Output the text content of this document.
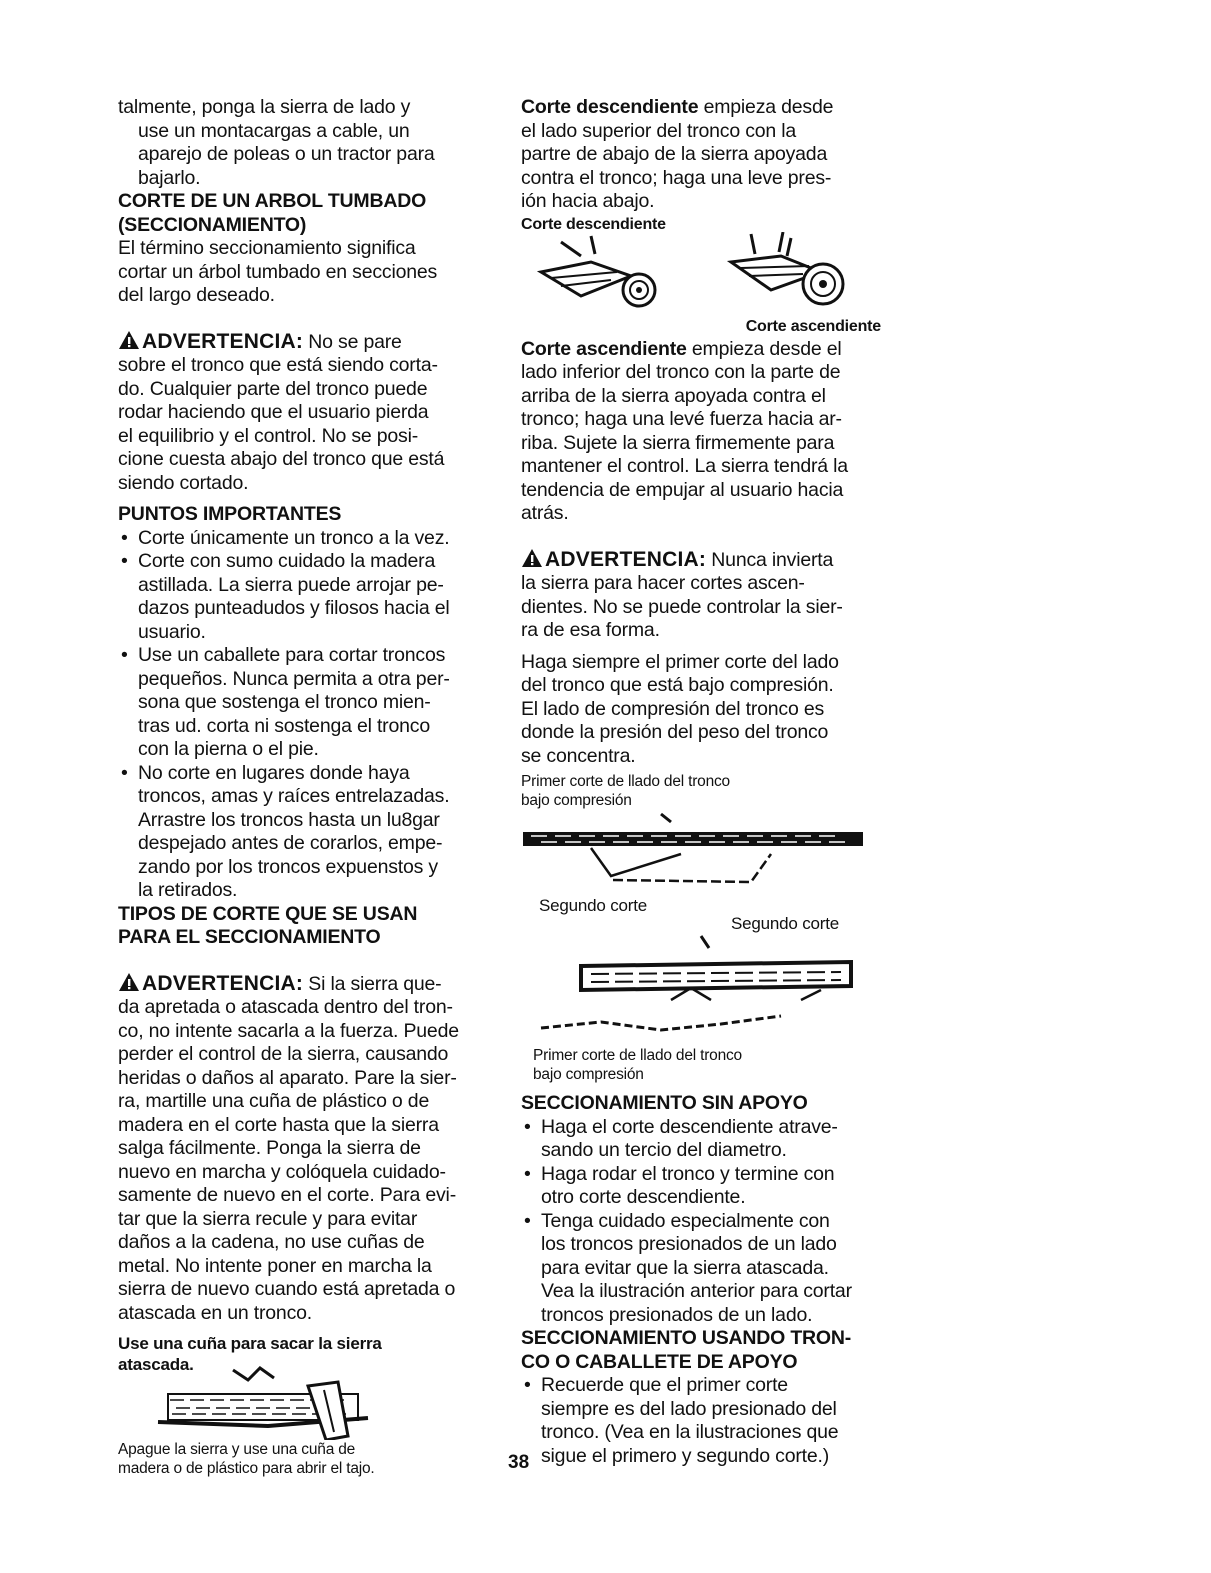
talmente, ponga la sierra de lado y

use un montacargas a cable, un

aparejo de poleas o un tractor para

bajarlo.

CORTE DE UN ARBOL TUMBADO

(SECCIONAMIENTO)

El término seccionamiento significa

cortar un árbol tumbado en secciones

del largo deseado.

ADVERTENCIA: No se pare

sobre el tronco que está siendo corta-

do. Cualquier parte del tronco puede

rodar haciendo que el usuario pierda

el equilibrio y el control. No se posi-

cione cuesta abajo del tronco que está

siendo cortado.

PUNTOS IMPORTANTES

• Corte únicamente un tronco a la vez.
• Corte con sumo cuidado la madera
astillada. La sierra puede arrojar pe-
dazos punteadudos y filosos hacia el
usuario.
• Use un caballete para cortar troncos
pequeños. Nunca permita a otra per-
sona que sostenga el tronco mien-
tras ud. corta ni sostenga el tronco
con la pierna o el pie.
• No corte en lugares donde haya
troncos, amas y raíces entrelazadas.
Arrastre los troncos hasta un lu8gar
despejado antes de corarlos, empe-
zando por los troncos expuenstos y
la retirados.

TIPOS DE CORTE QUE SE USAN

PARA EL SECCIONAMIENTO

ADVERTENCIA: Si la sierra que-

da apretada o atascada dentro del tron-

co, no intente sacarla a la fuerza. Puede

perder el control de la sierra, causando

heridas o daños al aparato. Pare la sier-

ra, martille una cuña de plástico o de

madera en el corte hasta que la sierra

salga fácilmente. Ponga la sierra de

nuevo en marcha y colóquela cuidado-

samente de nuevo en el corte. Para evi-

tar que la sierra recule y para evitar

daños a la cadena, no use cuñas de

metal. No intente poner en marcha la

sierra de nuevo cuando está apretada o

atascada en un tronco.

Use una cuña para sacar la sierra

atascada.

Apague la sierra y use una cuña de

madera o de plástico para abrir el tajo.

Corte descendiente empieza desde

el lado superior del tronco con la

partre de abajo de la sierra apoyada

contra el tronco; haga una leve pres-

ión hacia abajo.

Corte descendiente

Corte ascendiente

Corte ascendiente empieza desde el

lado inferior del tronco con la parte de

arriba de la sierra apoyada contra el

tronco; haga una levé fuerza hacia ar-

riba. Sujete la sierra firmemente para

mantener el control. La sierra tendrá la

tendencia de empujar al usuario hacia

atrás.

ADVERTENCIA: Nunca invierta

la sierra para hacer cortes ascen-

dientes. No se puede controlar la sier-

ra de esa forma.

Haga siempre el primer corte del lado

del tronco que está bajo compresión.

El lado de compresión del tronco es

donde la presión del peso del tronco

se concentra.

Primer corte de llado del tronco

bajo compresión

Segundo corte

Segundo corte

Primer corte de llado del tronco

bajo compresión

SECCIONAMIENTO SIN APOYO

• Haga el corte descendiente atrave-
sando un tercio del diametro.
• Haga rodar el tronco y termine con
otro corte descendiente.
• Tenga cuidado especialmente con
los troncos presionados de un lado
para evitar que la sierra atascada.
Vea la ilustración anterior para cortar
troncos presionados de un lado.

SECCIONAMIENTO USANDO TRON-

CO O CABALLETE DE APOYO

• Recuerde que el primer corte
siempre es del lado presionado del
tronco. (Vea en la ilustraciones que
sigue el primero y segundo corte.)
38
